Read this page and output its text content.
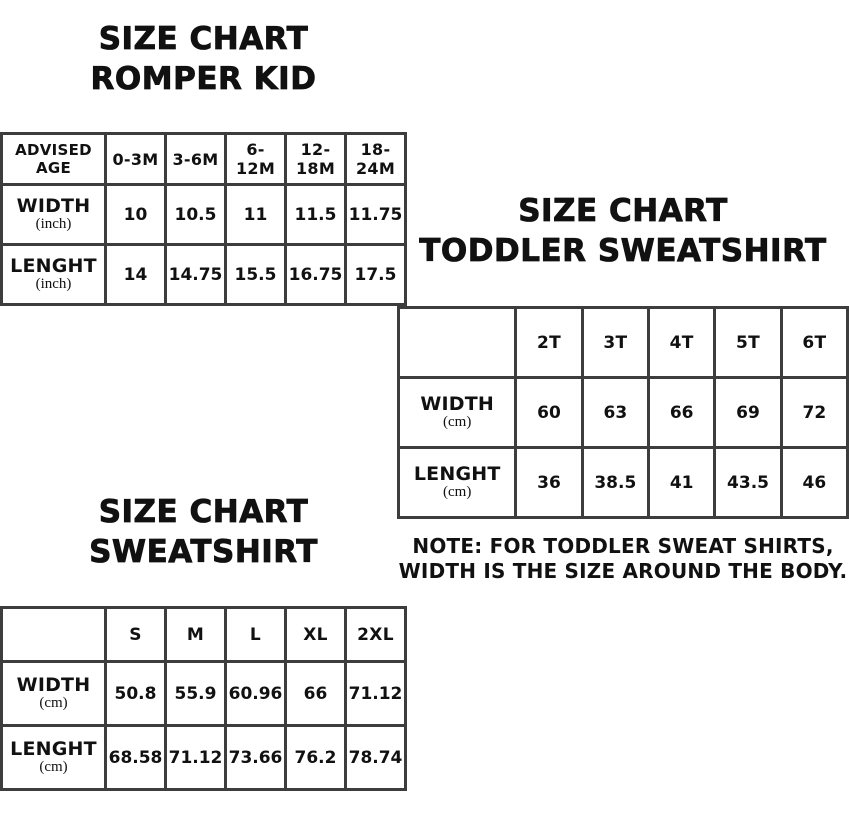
SIZE CHART
ROMPER KID
ADVISED AGE	0-3M	3-6M	6-12M	12-18M	18-24M
WIDTH
(inch)	10	10.5	11	11.5	11.75
LENGHT
(inch)	14	14.75	15.5	16.75	17.5
SIZE CHART
TODDLER SWEATSHIRT
	2T	3T	4T	5T	6T
WIDTH
(cm)	60	63	66	69	72
LENGHT
(cm)	36	38.5	41	43.5	46
NOTE: FOR TODDLER SWEAT SHIRTS,
WIDTH IS THE SIZE AROUND THE BODY.
SIZE CHART
SWEATSHIRT
	S	M	L	XL	2XL
WIDTH
(cm)	50.8	55.9	60.96	66	71.12
LENGHT
(cm)	68.58	71.12	73.66	76.2	78.74
